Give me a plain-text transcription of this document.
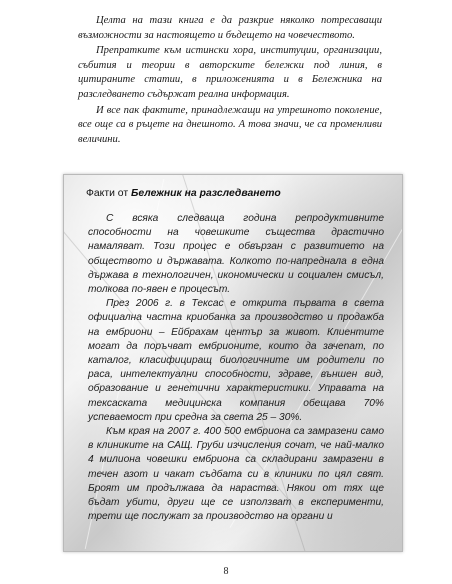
Целта на тази книга е да разкрие няколко потресаващи възможности за настоящето и бъдещето на човечеството.

Препратките към истински хора, институции, организации, събития и теории в авторските бележки под линия, в цитираните статии, в приложенията и в Бележника на разследването съдържат реална информация.

И все пак фактите, принадлежащи на утрешното поколение, все още са в ръцете на днешното. А това значи, че са променливи величини.

Факти от Бележник на разследването

С всяка следваща година репродуктивните способности на човешките същества драстично намаляват. Този процес е обвързан с развитието на обществото и държавата. Колкото по-напреднала в една държава в технологичен, икономически и социален смисъл, толкова по-явен е процесът.

През 2006 г. в Тексас е открита първата в света официална частна криобанка за производство и продажба на ембриони – Ейбрахам център за живот. Клиентите могат да поръчват ембрионите, които да зачenат, по каталог, класифициращ биологичните им родители по раса, интелектуални способности, здраве, външен вид, образование и генетични характеристики. Управата на тексаската медицинска компания обещава 70% успеваемост при средна за света 25 – 30%.

Към края на 2007 г. 400 500 ембриона са замразени само в клиниките на САЩ. Груби изчисления сочат, че най-малко 4 милиона човешки ембриона са складирани замразени в течен азот и чакат съдбата си в клиники по цял свят. Броят им продължава да нараства. Някои от тях ще бъдат убити, други ще се използват в експерименти, трети ще послужат за производство на органи и

8
